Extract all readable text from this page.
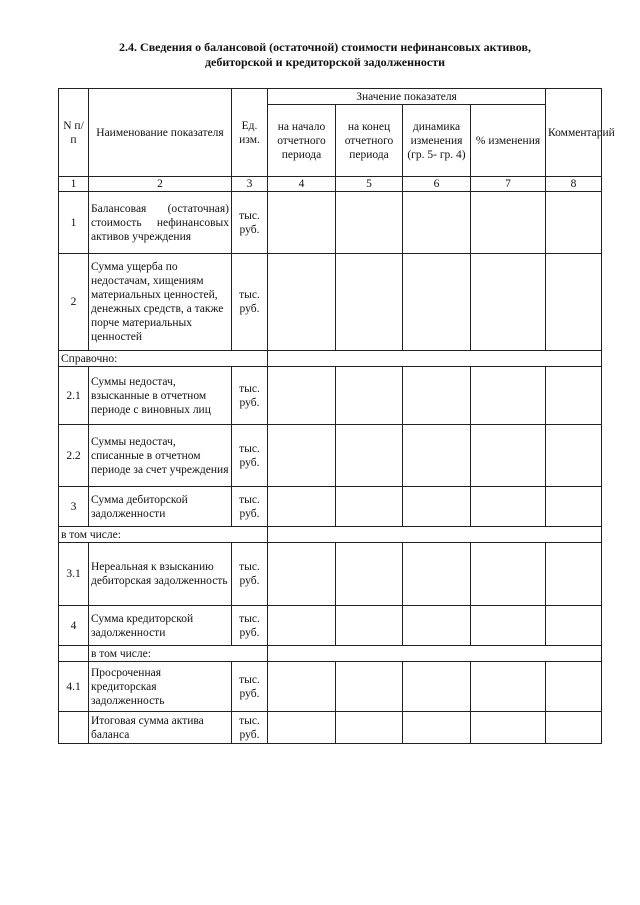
2.4. Сведения о балансовой (остаточной) стоимости нефинансовых активов,
дебиторской и кредиторской задолженности
N п/п	Наименование показателя	Ед. изм.	Значение показателя				Комментарий
			на начало отчетного периода	на конец отчетного периода	динамика изменения (гр. 5- гр. 4)	% изменения	
1	2	3	4	5	6	7	8
1	Балансовая (остаточная) стоимость нефинансовых активов учреждения	тыс. руб.					
2	Сумма ущерба по недостачам, хищениям материальных ценностей, денежных средств, а также порче материальных ценностей	тыс. руб.					
Справочно:							
2.1	Суммы недостач, взысканные в отчетном периоде с виновных лиц	тыс. руб.					
2.2	Суммы недостач, списанные в отчетном периоде за счет учреждения	тыс. руб.					
3	Сумма дебиторской задолженности	тыс. руб.					
в том числе:							
3.1	Нереальная к взысканию дебиторская задолженность	тыс. руб.					
4	Сумма кредиторской задолженности	тыс. руб.					
	в том числе:						
4.1	Просроченная кредиторская задолженность	тыс. руб.					
	Итоговая сумма актива баланса	тыс. руб.					
